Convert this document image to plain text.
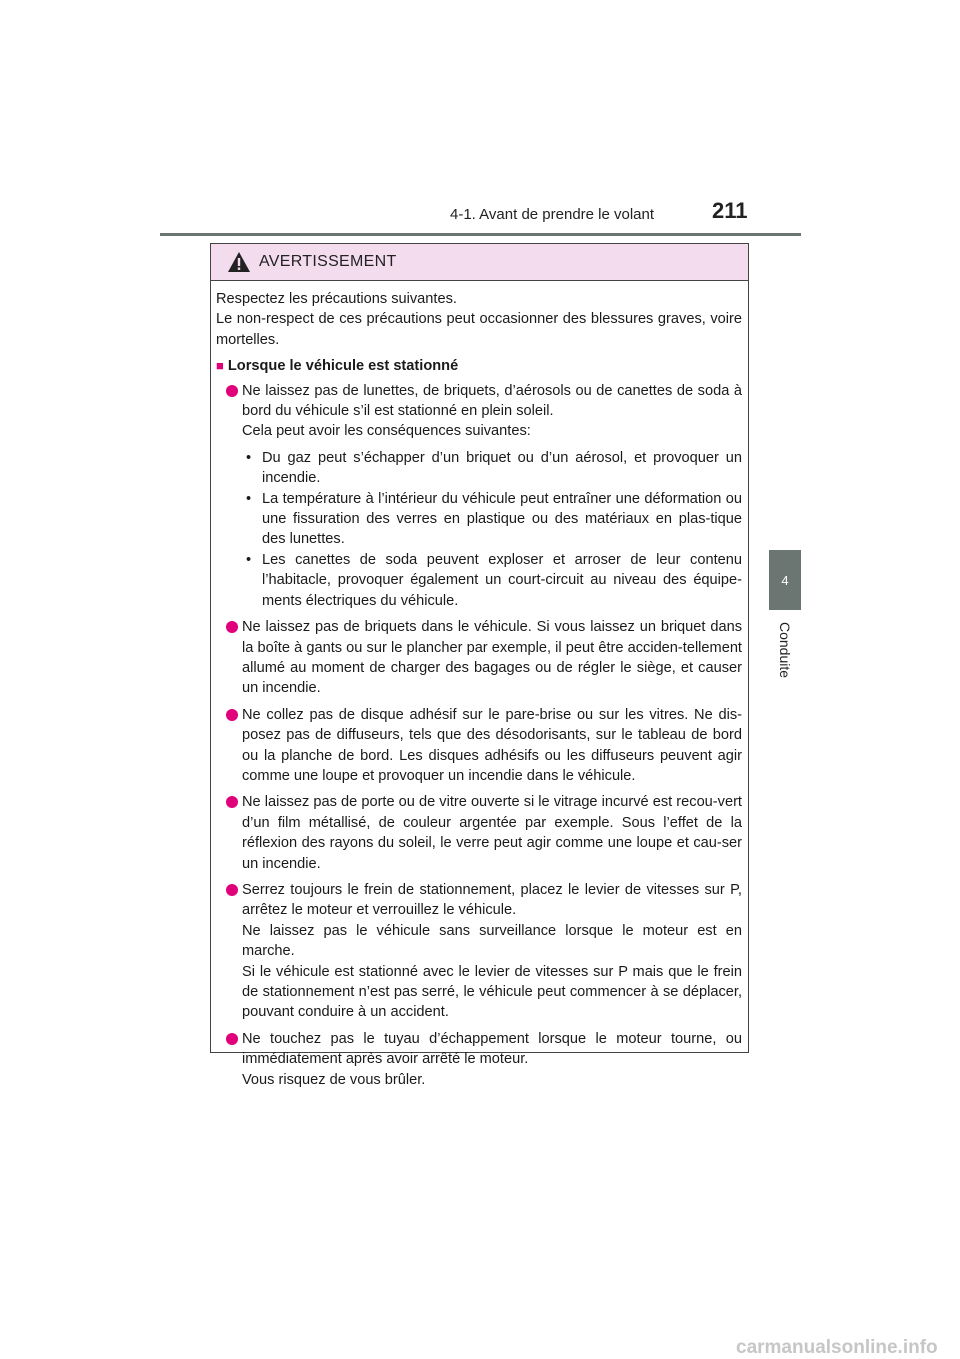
4-1. Avant de prendre le volant	211
4
Conduite
AVERTISSEMENT

Respectez les précautions suivantes.

Le non-respect de ces précautions peut occasionner des blessures graves, voire mortelles.

■ Lorsque le véhicule est stationné

Ne laissez pas de lunettes, de briquets, d’aérosols ou de canettes de soda à bord du véhicule s’il est stationné en plein soleil.

Cela peut avoir les conséquences suivantes:

• Du gaz peut s’échapper d’un briquet ou d’un aérosol, et provoquer un incendie.
• La température à l’intérieur du véhicule peut entraîner une déformation ou une fissuration des verres en plastique ou des matériaux en plas-tique des lunettes.
• Les canettes de soda peuvent exploser et arroser de leur contenu l’habitacle, provoquer également un court-circuit au niveau des équipe-ments électriques du véhicule.

Ne laissez pas de briquets dans le véhicule. Si vous laissez un briquet dans la boîte à gants ou sur le plancher par exemple, il peut être acciden-tellement allumé au moment de charger des bagages ou de régler le siège, et causer un incendie.

Ne collez pas de disque adhésif sur le pare-brise ou sur les vitres. Ne dis-posez pas de diffuseurs, tels que des désodorisants, sur le tableau de bord ou la planche de bord. Les disques adhésifs ou les diffuseurs peuvent agir comme une loupe et provoquer un incendie dans le véhicule.

Ne laissez pas de porte ou de vitre ouverte si le vitrage incurvé est recou-vert d’un film métallisé, de couleur argentée par exemple. Sous l’effet de la réflexion des rayons du soleil, le verre peut agir comme une loupe et cau-ser un incendie.

Serrez toujours le frein de stationnement, placez le levier de vitesses sur P, arrêtez le moteur et verrouillez le véhicule.

Ne laissez pas le véhicule sans surveillance lorsque le moteur est en marche.

Si le véhicule est stationné avec le levier de vitesses sur P mais que le frein de stationnement n’est pas serré, le véhicule peut commencer à se déplacer, pouvant conduire à un accident.

Ne touchez pas le tuyau d’échappement lorsque le moteur tourne, ou immédiatement après avoir arrêté le moteur.

Vous risquez de vous brûler.

carmanualsonline.info
